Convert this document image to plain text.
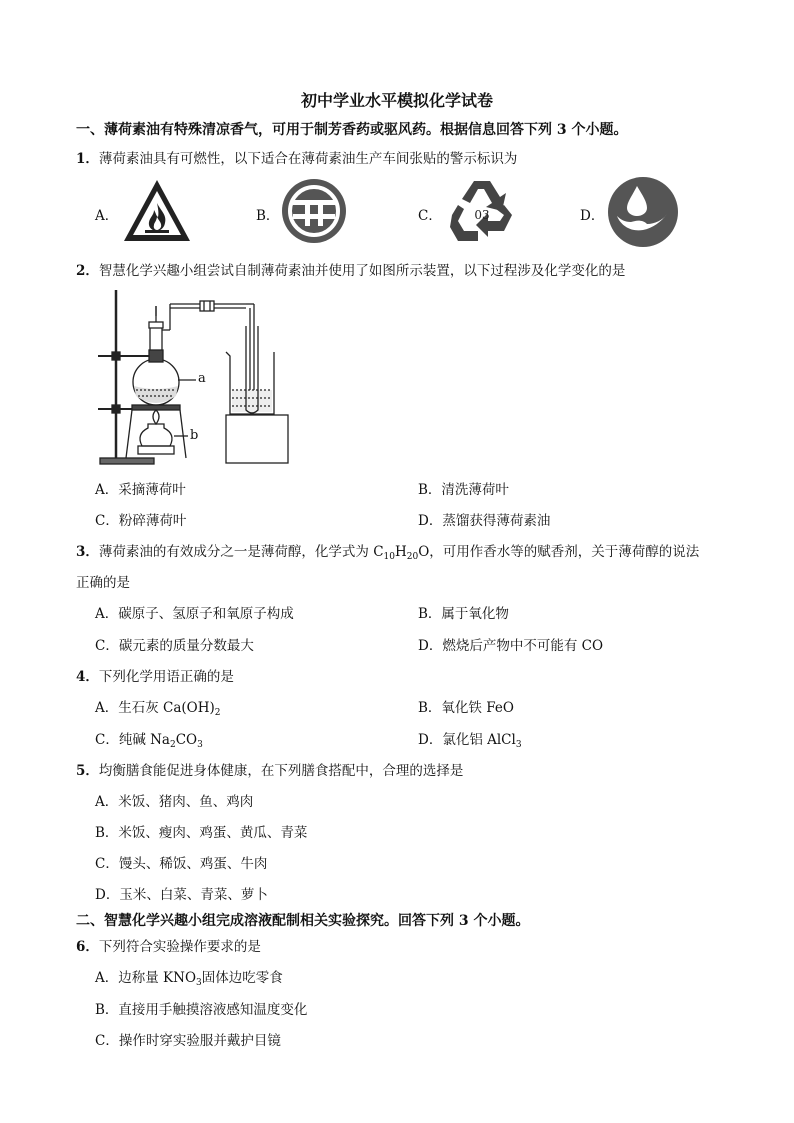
初中学业水平模拟化学试卷
一、薄荷素油有特殊清凉香气，可用于制芳香药或驱风药。根据信息回答下列 3 个小题。
1．薄荷素油具有可燃性，以下适合在薄荷素油生产车间张贴的警示标识为
A．	B．	C．	D．
03
2．智慧化学兴趣小组尝试自制薄荷素油并使用了如图所示装置，以下过程涉及化学变化的是
a
b
A．采摘薄荷叶	B．清洗薄荷叶
C．粉碎薄荷叶	D．蒸馏获得薄荷素油
3．薄荷素油的有效成分之一是薄荷醇，化学式为 $C_{10}H_{20}O$，可用作香水等的赋香剂，关于薄荷醇的说法
正确的是
A．碳原子、氢原子和氧原子构成	B．属于氧化物
C．碳元素的质量分数最大	D．燃烧后产物中不可能有 CO
4．下列化学用语正确的是
A．生石灰 $Ca(OH)_2$	B．氧化铁 FeO
C．纯碱 $Na_2CO_3$	D．氯化铝 AlCl$_3$
5．均衡膳食能促进身体健康，在下列膳食搭配中，合理的选择是
A．米饭、猪肉、鱼、鸡肉
B．米饭、瘦肉、鸡蛋、黄瓜、青菜
C．馒头、稀饭、鸡蛋、牛肉
D．玉米、白菜、青菜、萝卜
二、智慧化学兴趣小组完成溶液配制相关实验探究。回答下列 3 个小题。
6．下列符合实验操作要求的是
A．边称量 $KNO_3$固体边吃零食
B．直接用手触摸溶液感知温度变化
C．操作时穿实验服并戴护目镜
